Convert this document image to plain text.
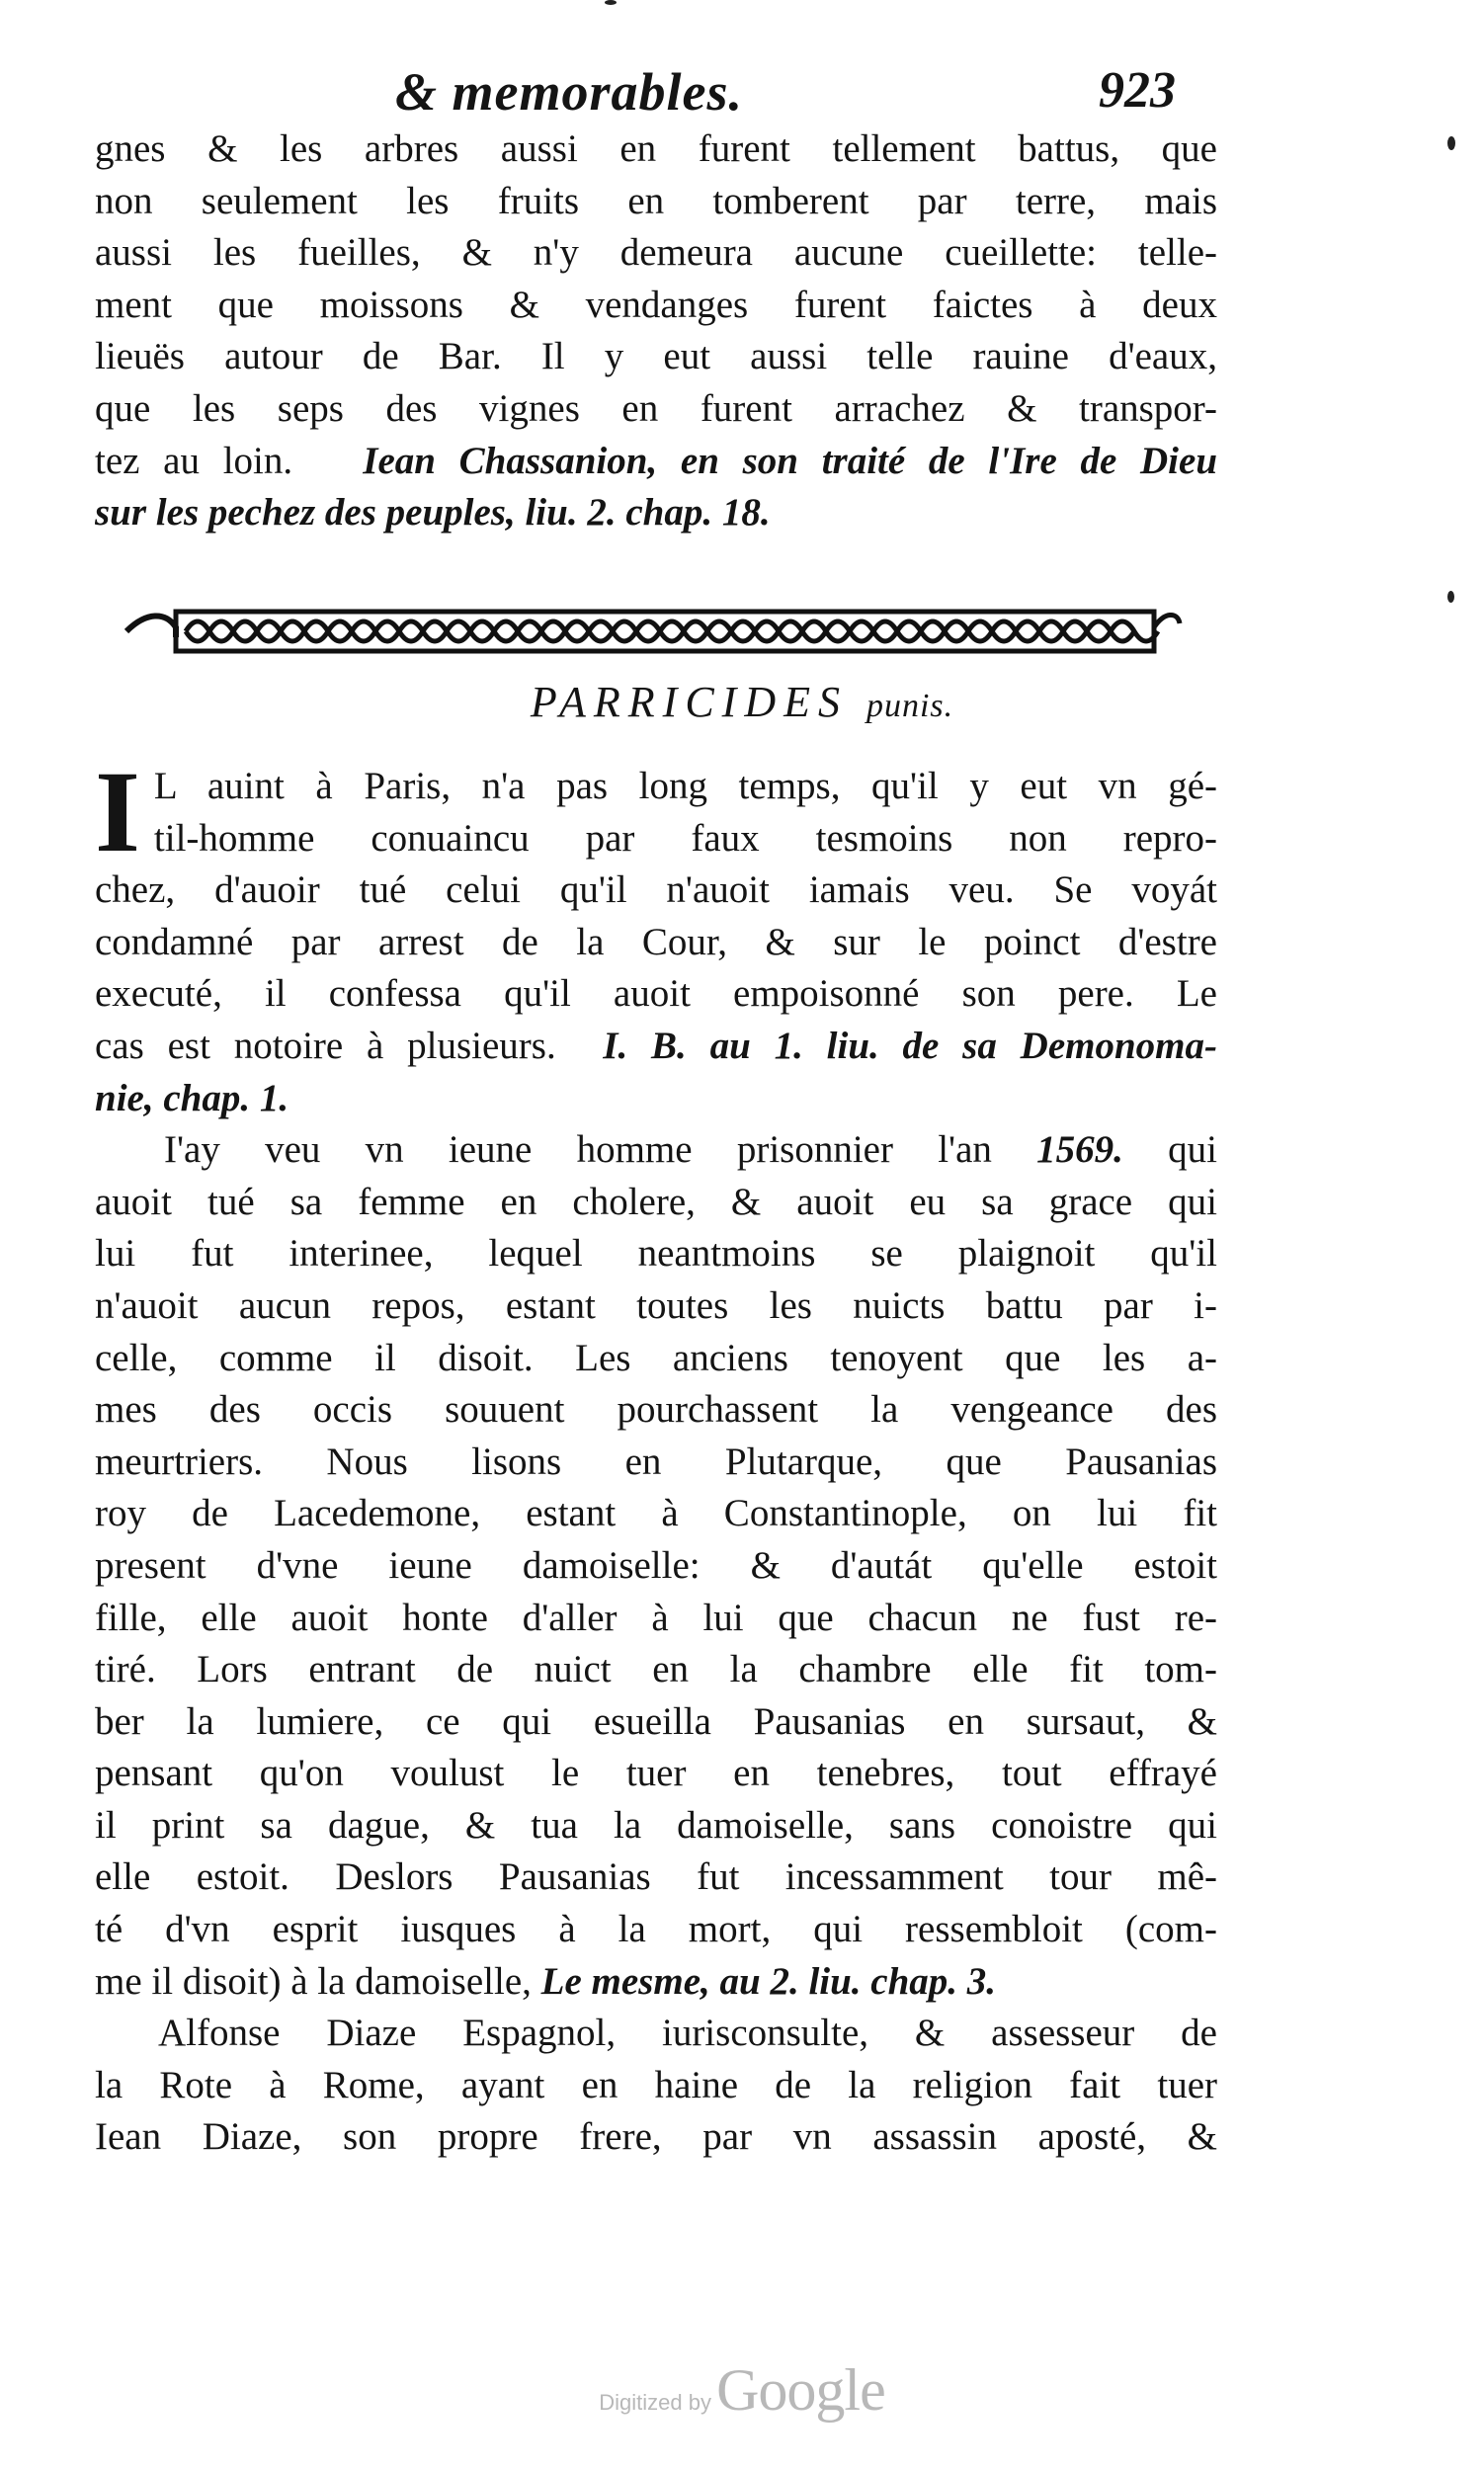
& memorables.	923
gnes & les arbres aussi en furent tellement battus, que
non seulement les fruits en tomberent par terre, mais
aussi les fueilles, & n'y demeura aucune cueillette: telle-
ment que moissons & vendanges furent faictes à deux
lieuës autour de Bar. Il y eut aussi telle rauine d'eaux,
que les seps des vignes en furent arrachez & transpor-
tez au loin. Iean Chassanion, en son traité de l'Ire de Dieu
sur les pechez des peuples, liu. 2. chap. 18.
PARRICIDES punis.
I L auint à Paris, n'a pas long temps, qu'il y eut vn gé-
til-homme conuaincu par faux tesmoins non repro-
chez, d'auoir tué celui qu'il n'auoit iamais veu. Se voyát
condamné par arrest de la Cour, & sur le poinct d'estre
executé, il confessa qu'il auoit empoisonné son pere. Le
cas est notoire à plusieurs. I. B. au 1. liu. de sa Demonoma-
nie, chap. 1.
I'ay veu vn ieune homme prisonnier l'an 1569. qui
auoit tué sa femme en cholere, & auoit eu sa grace qui
lui fut interinee, lequel neantmoins se plaignoit qu'il
n'auoit aucun repos, estant toutes les nuicts battu par i-
celle, comme il disoit. Les anciens tenoyent que les a-
mes des occis souuent pourchassent la vengeance des
meurtriers. Nous lisons en Plutarque, que Pausanias
roy de Lacedemone, estant à Constantinople, on lui fit
present d'vne ieune damoiselle: & d'autát qu'elle estoit
fille, elle auoit honte d'aller à lui que chacun ne fust re-
tiré. Lors entrant de nuict en la chambre elle fit tom-
ber la lumiere, ce qui esueilla Pausanias en sursaut, &
pensant qu'on voulust le tuer en tenebres, tout effrayé
il print sa dague, & tua la damoiselle, sans conoistre qui
elle estoit. Deslors Pausanias fut incessamment tour mê-
té d'vn esprit iusques à la mort, qui ressembloit (com-
me il disoit) à la damoiselle, Le mesme, au 2. liu. chap. 3.
Alfonse Diaze Espagnol, iurisconsulte, & assesseur de
la Rote à Rome, ayant en haine de la religion fait tuer
Iean Diaze, son propre frere, par vn assassin aposté, &
Digitized by Google
